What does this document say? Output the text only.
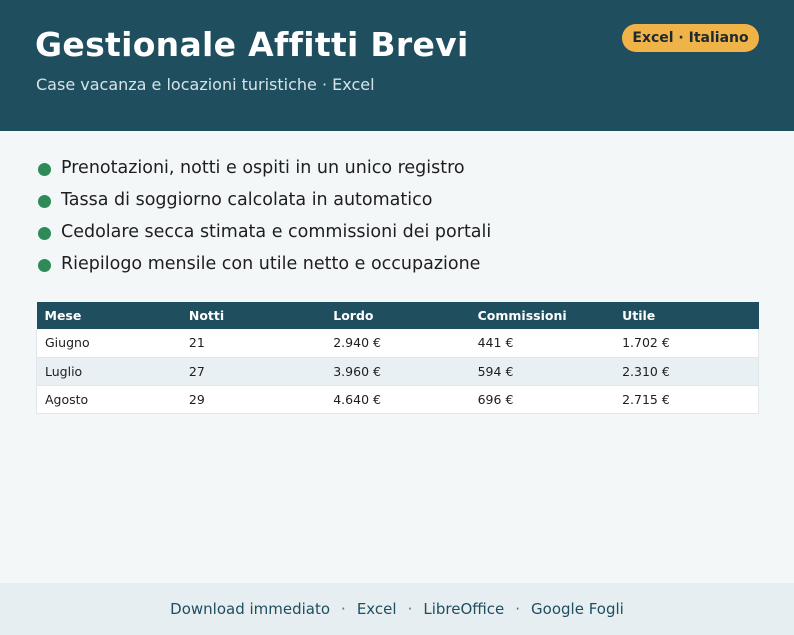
Gestionale Affitti Brevi
Case vacanza e locazioni turistiche · Excel
Excel · Italiano
Prenotazioni, notti e ospiti in un unico registro
Tassa di soggiorno calcolata in automatico
Cedolare secca stimata e commissioni dei portali
Riepilogo mensile con utile netto e occupazione
Mese	Notti	Lordo	Commissioni	Utile
Giugno	21	2.940 €	441 €	1.702 €
Luglio	27	3.960 €	594 €	2.310 €
Agosto	29	4.640 €	696 €	2.715 €
Download immediato · Excel · LibreOffice · Google Fogli
